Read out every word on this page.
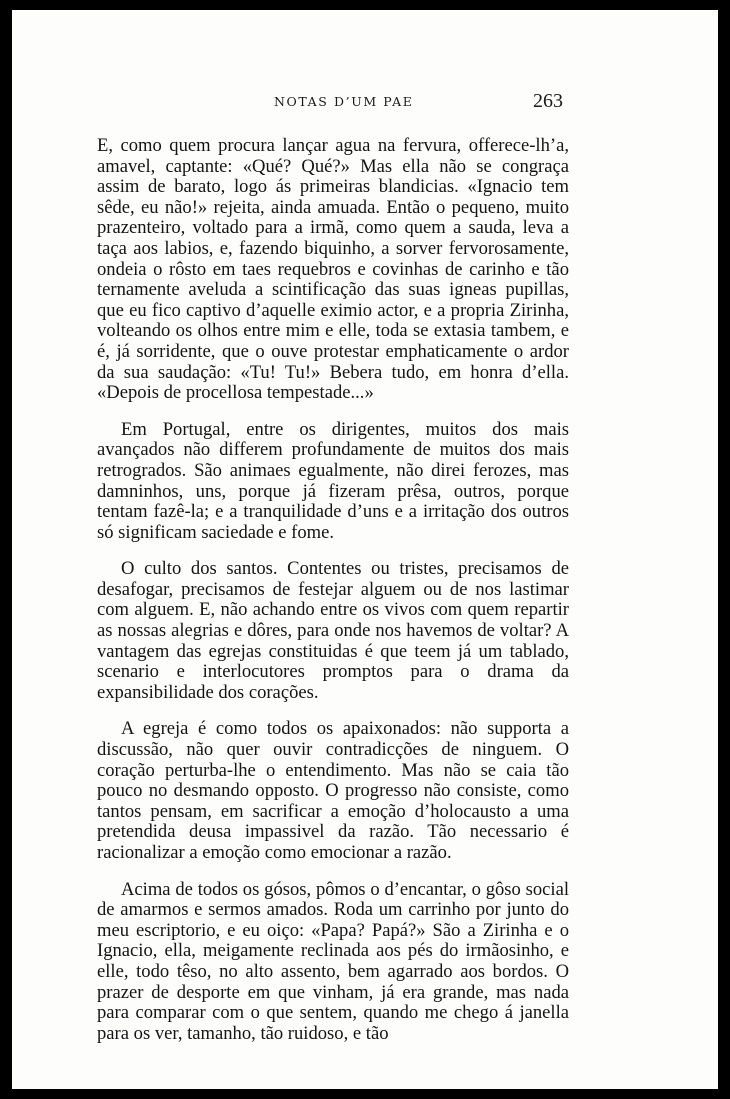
NOTAS D’UM PAE	263

E, como quem procura lançar agua na fervura, offerece-lh’a, amavel, captante: «Qué? Qué?» Mas ella não se congraça assim de barato, logo ás primeiras blandicias. «Ignacio tem sêde, eu não!» rejeita, ainda amuada. Então o pequeno, muito prazenteiro, voltado para a irmã, como quem a sauda, leva a taça aos labios, e, fazendo biquinho, a sorver fervorosamente, ondeia o rôsto em taes requebros e covinhas de carinho e tão ternamente aveluda a scintificação das suas igneas pupillas, que eu fico captivo d’aquelle eximio actor, e a propria Zirinha, volteando os olhos entre mim e elle, toda se extasia tambem, e é, já sorridente, que o ouve protestar emphaticamente o ardor da sua saudação: «Tu! Tu!» Bebera tudo, em honra d’ella. «Depois de procellosa tempestade...»

Em Portugal, entre os dirigentes, muitos dos mais avançados não differem profundamente de muitos dos mais retrogrados. São animaes egualmente, não direi ferozes, mas damninhos, uns, porque já fizeram prêsa, outros, porque tentam fazê-la; e a tranquilidade d’uns e a irritação dos outros só significam saciedade e fome.

O culto dos santos. Contentes ou tristes, precisamos de desafogar, precisamos de festejar alguem ou de nos lastimar com alguem. E, não achando entre os vivos com quem repartir as nossas alegrias e dôres, para onde nos havemos de voltar? A vantagem das egrejas constituidas é que teem já um tablado, scenario e interlocutores promptos para o drama da expansibilidade dos corações.

A egreja é como todos os apaixonados: não supporta a discussão, não quer ouvir contradicções de ninguem. O coração perturba-lhe o entendimento. Mas não se caia tão pouco no desmando opposto. O progresso não consiste, como tantos pensam, em sacrificar a emoção d’holocausto a uma pretendida deusa impassivel da razão. Tão necessario é racionalizar a emoção como emocionar a razão.

Acima de todos os gósos, pômos o d’encantar, o gôso social de amarmos e sermos amados. Roda um carrinho por junto do meu escriptorio, e eu oiço: «Papa? Papá?» São a Zirinha e o Ignacio, ella, meigamente reclinada aos pés do irmãosinho, e elle, todo têso, no alto assento, bem agarrado aos bordos. O prazer de desporte em que vinham, já era grande, mas nada para comparar com o que sentem, quando me chego á janella para os ver, tamanho, tão ruidoso, e tão
